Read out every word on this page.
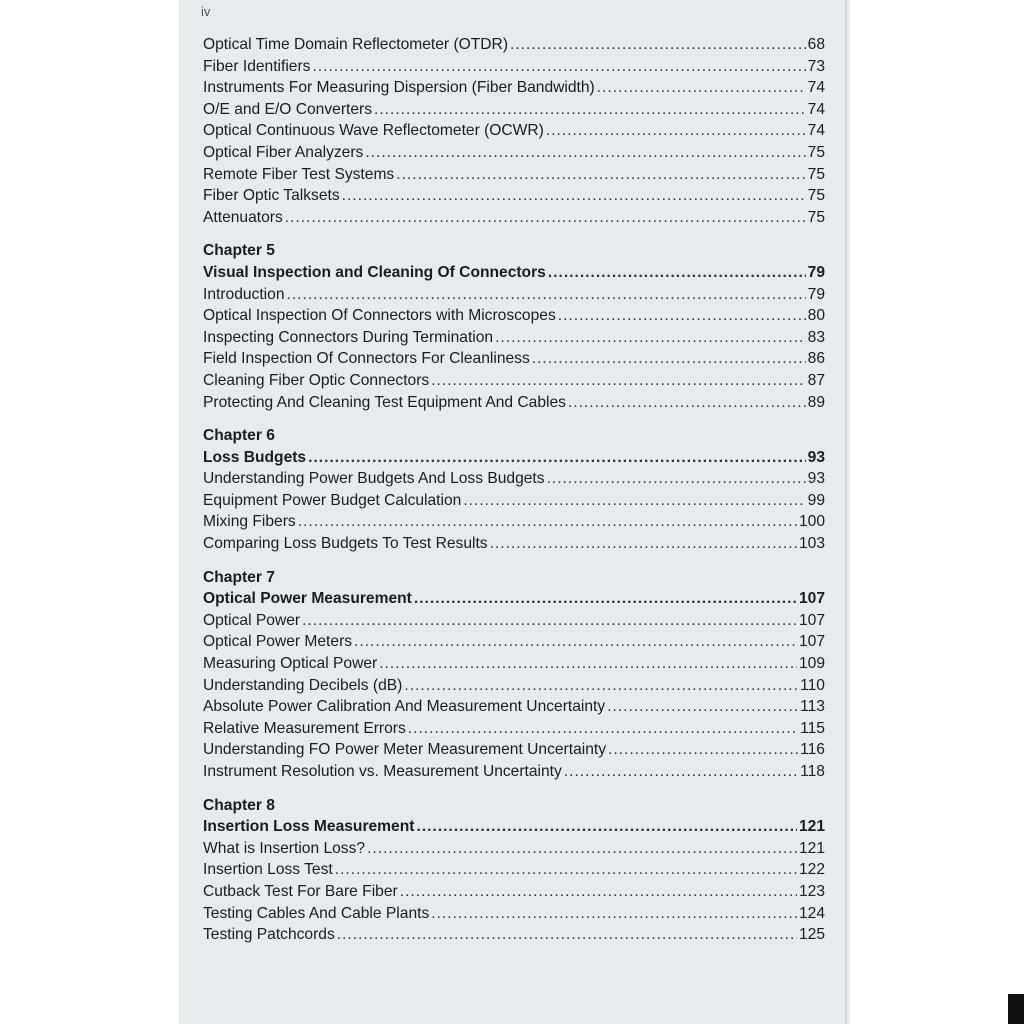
iv
Optical Time Domain Reflectometer (OTDR) .....	68
Fiber Identifiers .....	73
Instruments For Measuring Dispersion (Fiber Bandwidth) .....	74
O/E and E/O Converters .....	74
Optical Continuous Wave Reflectometer (OCWR) .....	74
Optical Fiber Analyzers .....	75
Remote Fiber Test Systems .....	75
Fiber Optic Talksets .....	75
Attenuators .....	75
Chapter 5
Visual Inspection and Cleaning Of Connectors .....	79
Introduction .....	79
Optical Inspection Of Connectors with Microscopes .....	80
Inspecting Connectors During Termination .....	83
Field Inspection Of Connectors For Cleanliness .....	86
Cleaning Fiber Optic Connectors .....	87
Protecting And Cleaning Test Equipment And Cables .....	89
Chapter 6
Loss Budgets .....	93
Understanding Power Budgets And Loss Budgets .....	93
Equipment Power Budget Calculation .....	99
Mixing Fibers .....	100
Comparing Loss Budgets To Test Results .....	103
Chapter 7
Optical Power Measurement .....	107
Optical Power .....	107
Optical Power Meters .....	107
Measuring Optical Power .....	109
Understanding Decibels (dB) .....	110
Absolute Power Calibration And Measurement Uncertainty .....	113
Relative Measurement Errors .....	115
Understanding FO Power Meter Measurement Uncertainty .....	116
Instrument Resolution vs. Measurement Uncertainty .....	118
Chapter 8
Insertion Loss Measurement .....	121
What is Insertion Loss? .....	121
Insertion Loss Test .....	122
Cutback Test For Bare Fiber .....	123
Testing Cables And Cable Plants .....	124
Testing Patchcords .....	125
